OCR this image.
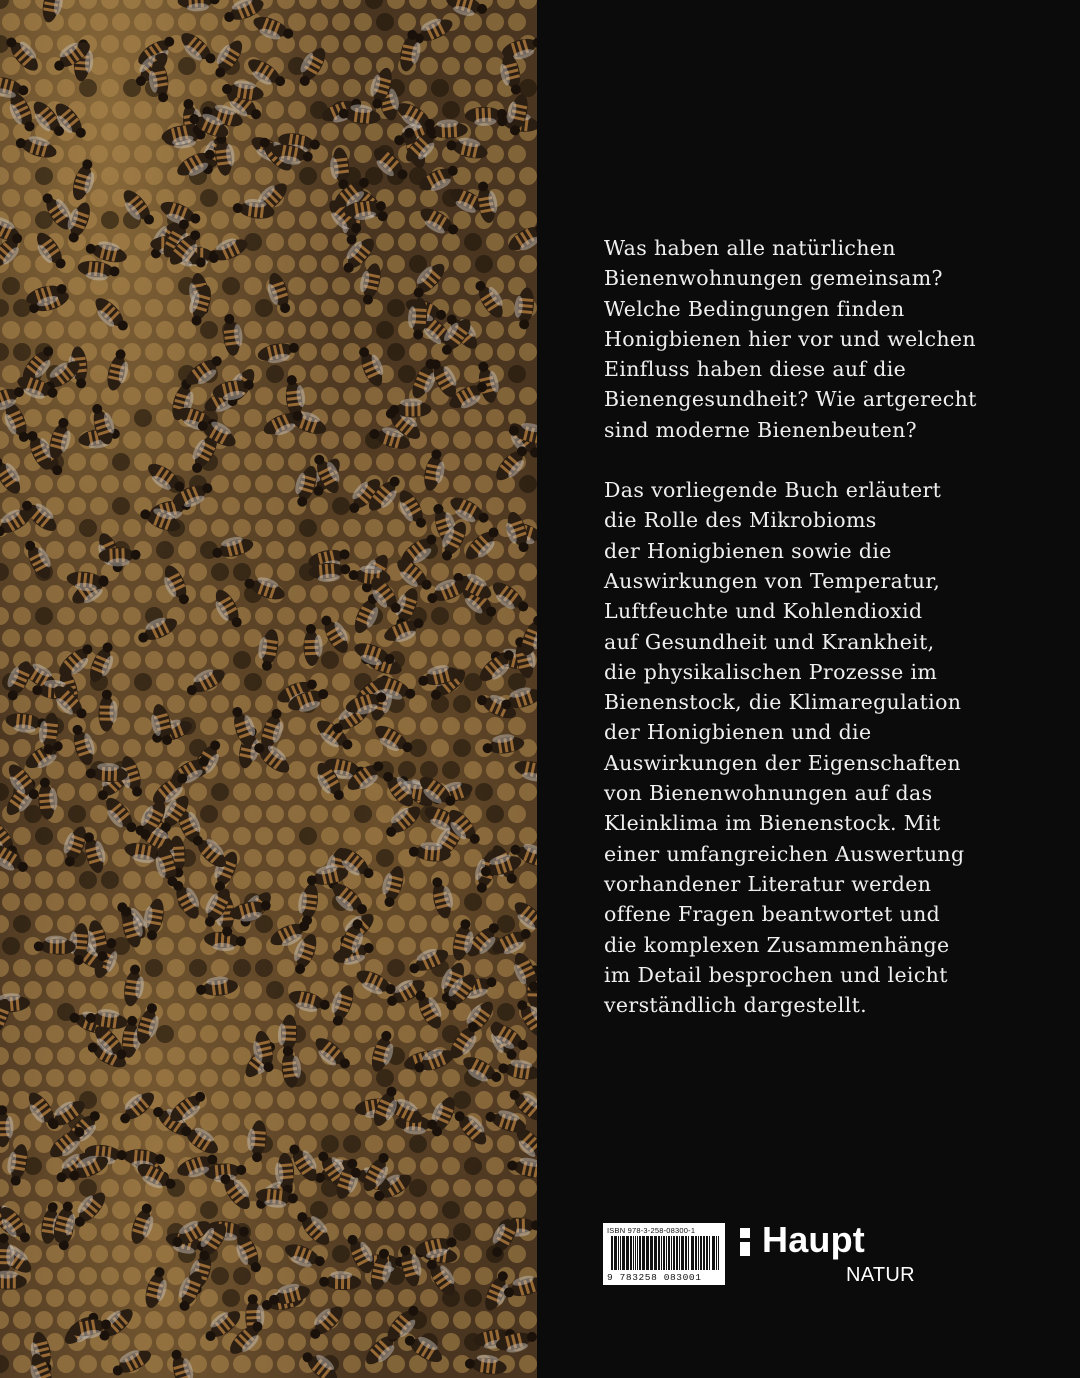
Was haben alle natürlichen
Bienenwohnungen gemeinsam?
Welche Bedingungen finden
Honigbienen hier vor und welchen
Einfluss haben diese auf die
Bienengesundheit? Wie artgerecht
sind moderne Bienenbeuten?

Das vorliegende Buch erläutert
die Rolle des Mikrobioms
der Honigbienen sowie die
Auswirkungen von Temperatur,
Luftfeuchte und Kohlendioxid
auf Gesundheit und Krankheit,
die physikalischen Prozesse im
Bienenstock, die Klimaregulation
der Honigbienen und die
Auswirkungen der Eigenschaften
von Bienenwohnungen auf das
Kleinklima im Bienenstock. Mit
einer umfangreichen Auswertung
vorhandener Literatur werden
offene Fragen beantwortet und
die komplexen Zusammenhänge
im Detail besprochen und leicht
verständlich dargestellt.

ISBN 978-3-258-08300-1
9 783258 083001
Haupt
NATUR
